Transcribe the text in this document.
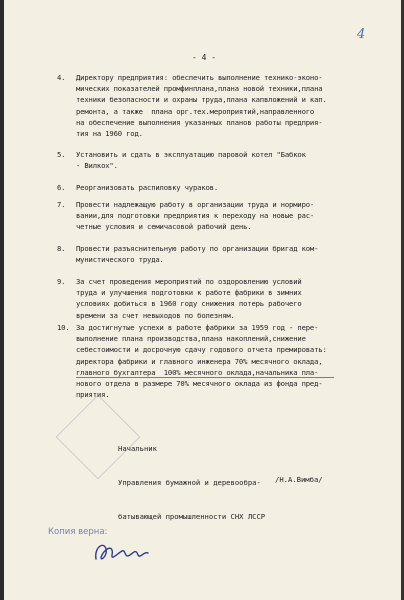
4
- 4 -
4. Директору предприятия: обеспечить выполнение технико-эконо-
мических показателей промфинплана,плана новой техники,плана
техники безопасности и охраны труда,плана капвложений и кап.
ремонта, а также  плана орг.тех.мероприятий,направленного
на обеспечение выполнения указанных планов работы предприя-
тия на 1960 год.
5. Установить и сдать в эксплуатацию паровой котел "Бабкок
- Вилкох".
6. Реорганизовать распиловку чураков.
7. Провести надлежащую работу в организации труда и нормиро-
вании,для подготовки предприятия к переходу на новые рас-
четные условия и семичасовой рабочий день.
8. Провести разъяснительную работу по организации бригад ком-
мунистического труда.
9. За счет проведения мероприятий по оздоровлению условий
труда и улучшения подготовки к работе фабрики в зимних
условиях добиться в 1960 году снижения потерь рабочего
времени за счет невыходов по болезням.
10. За достигнутые успехи в работе фабрики за 1959 год - пере-
выполнение плана производства,плана накоплений,снижение
себестоимости и досрочную сдачу годового отчета премировать:
директора фабрики и главного инженера 70% месячного оклада,
главного бухгалтера  100% месячного оклада,начальника пла-
нового отдела в размере 70% месячного оклада из фонда пред-
приятия.

Начальник

Управления бумажной и деревообра-

батывающей промышленности СНХ ЛССР

/Н.А.Вимба/
Копия верна:
